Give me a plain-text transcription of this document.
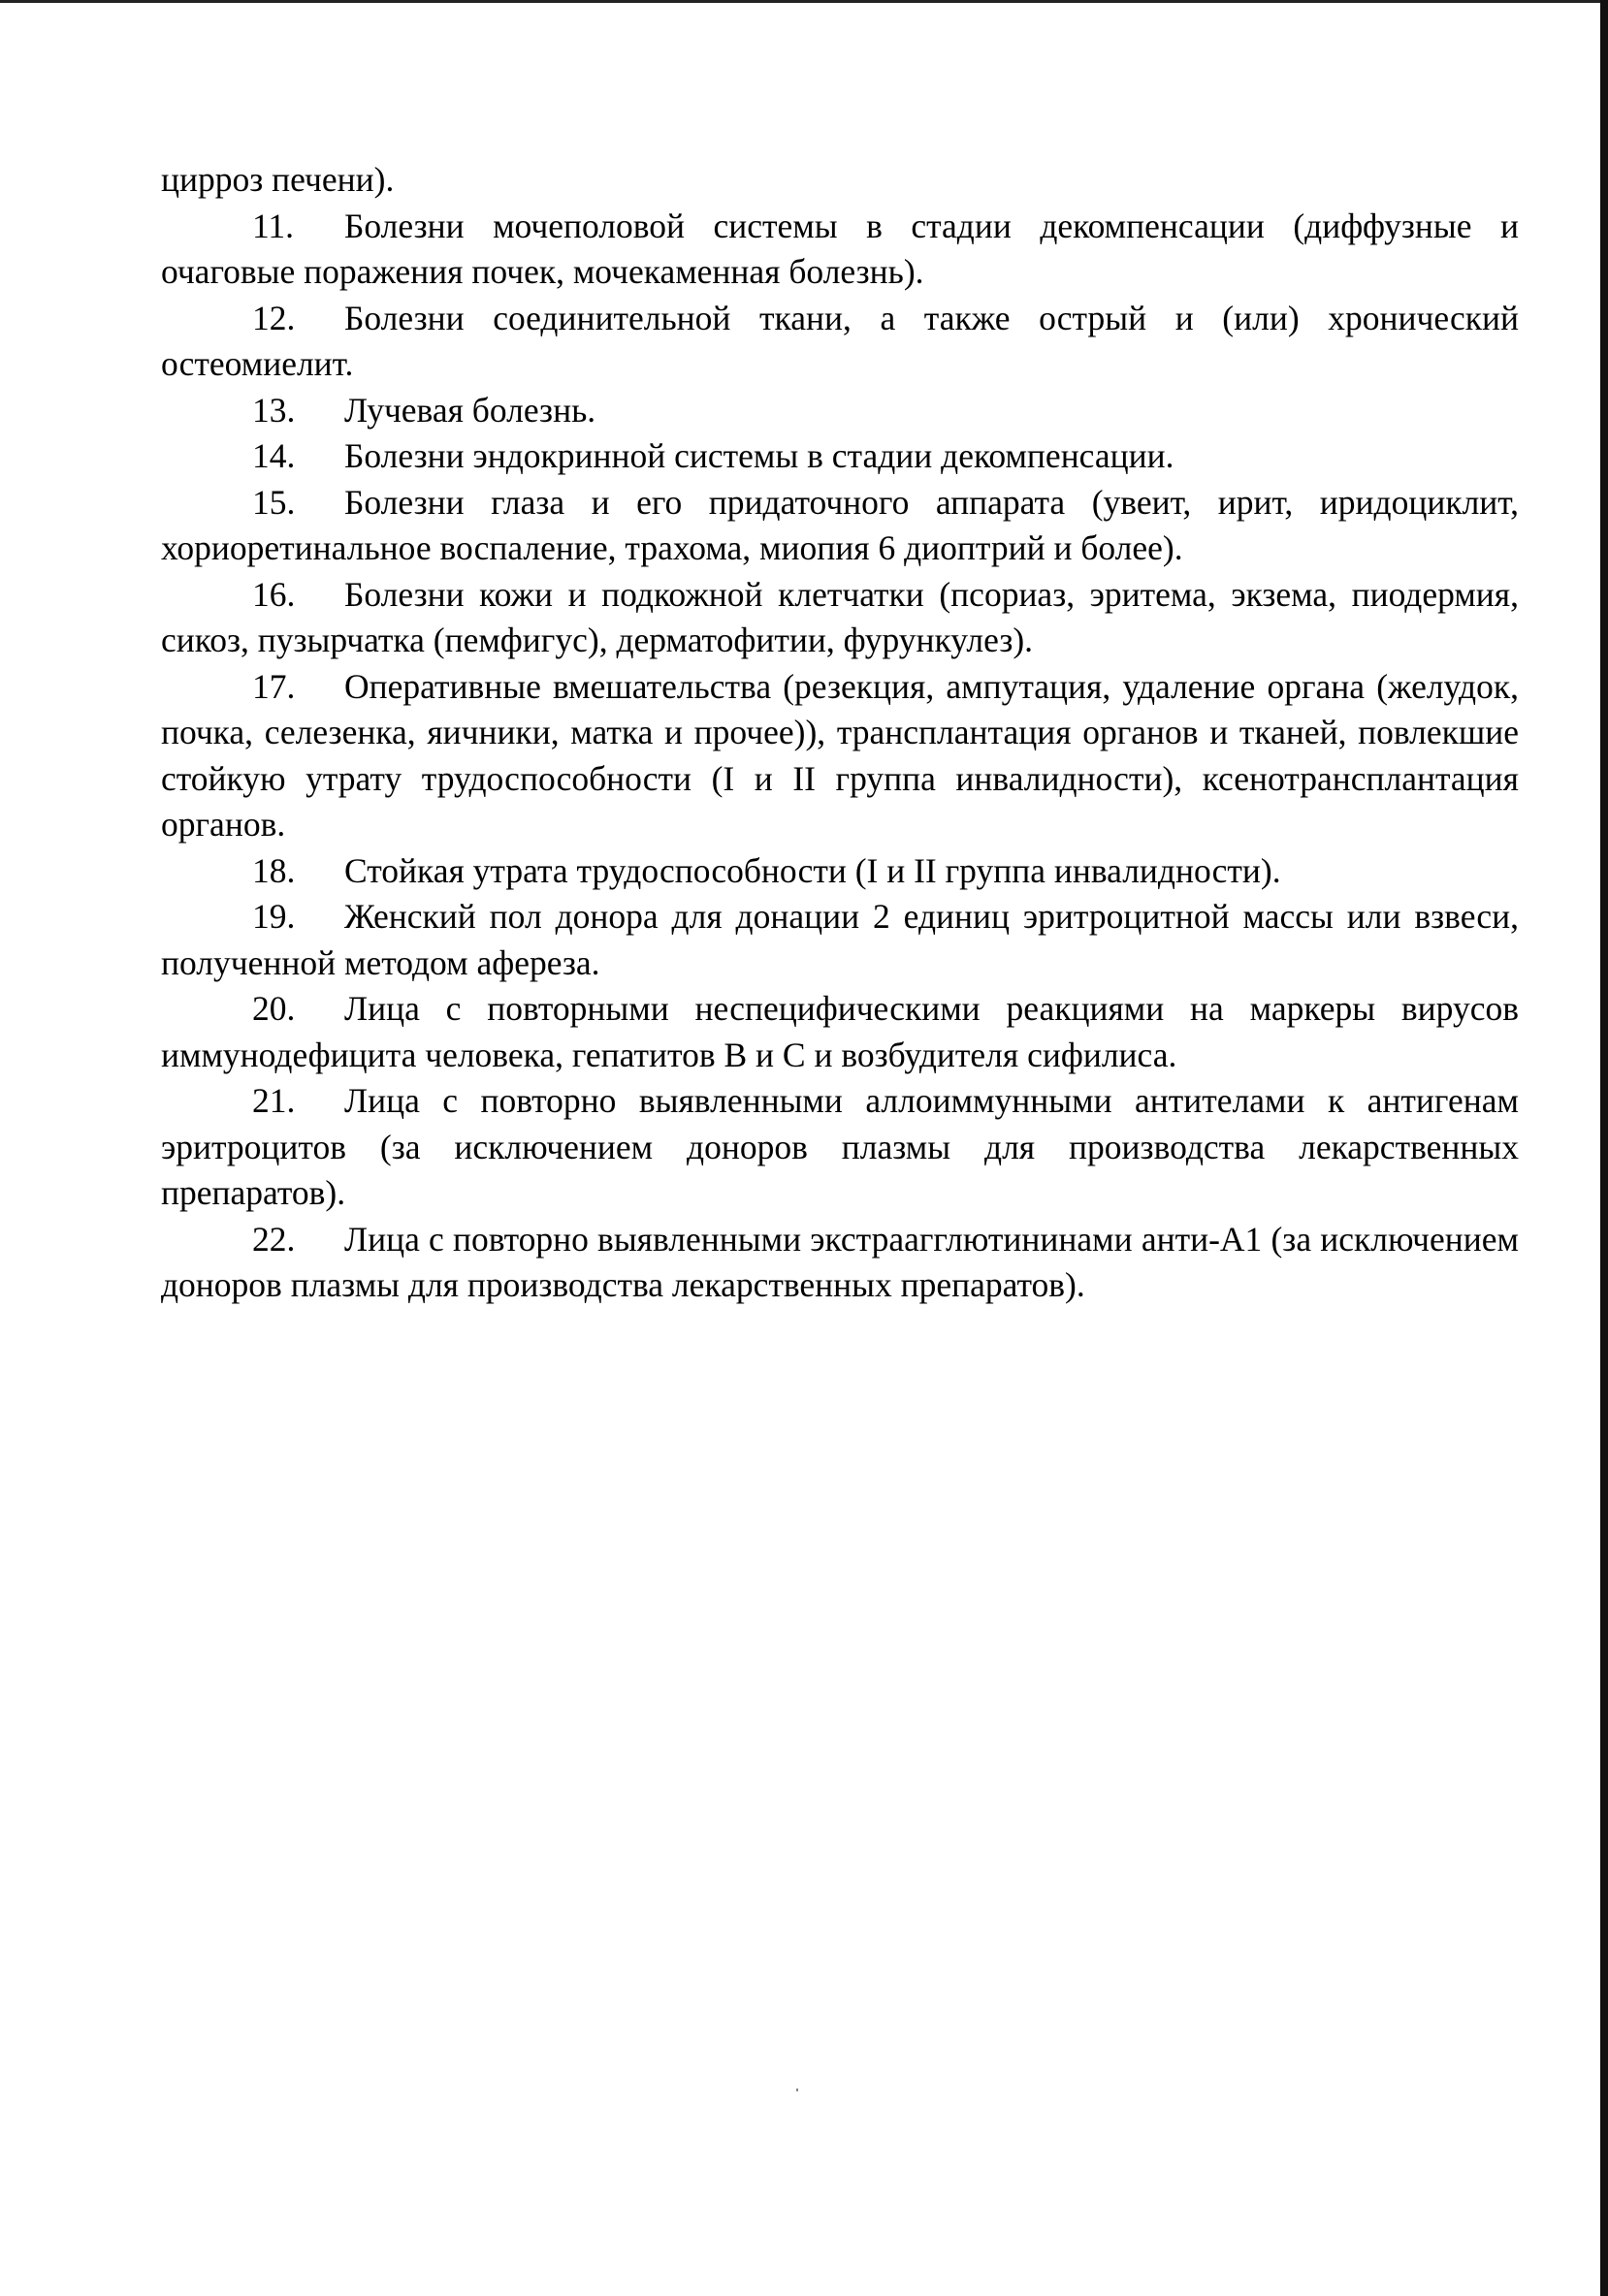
цирроз печени).

11. Болезни мочеполовой системы в стадии декомпенсации (диффузные и очаговые поражения почек, мочекаменная болезнь).

12. Болезни соединительной ткани, а также острый и (или) хронический остеомиелит.

13. Лучевая болезнь.

14. Болезни эндокринной системы в стадии декомпенсации.

15. Болезни глаза и его придаточного аппарата (увеит, ирит, иридоциклит, хориоретинальное воспаление, трахома, миопия 6 диоптрий и более).

16. Болезни кожи и подкожной клетчатки (псориаз, эритема, экзема, пиодермия, сикоз, пузырчатка (пемфигус), дерматофитии, фурункулез).

17. Оперативные вмешательства (резекция, ампутация, удаление органа (желудок, почка, селезенка, яичники, матка и прочее)), трансплантация органов и тканей, повлекшие стойкую утрату трудоспособности (I и II группа инвалидности), ксенотрансплантация органов.

18. Стойкая утрата трудоспособности (I и II группа инвалидности).

19. Женский пол донора для донации 2 единиц эритроцитной массы или взвеси, полученной методом афереза.

20. Лица с повторными неспецифическими реакциями на маркеры вирусов иммунодефицита человека, гепатитов B и C и возбудителя сифилиса.

21. Лица с повторно выявленными аллоиммунными антителами к антигенам эритроцитов (за исключением доноров плазмы для производства лекарственных препаратов).

22. Лица с повторно выявленными экстраагглютининами анти-A1 (за исключением доноров плазмы для производства лекарственных препаратов).
